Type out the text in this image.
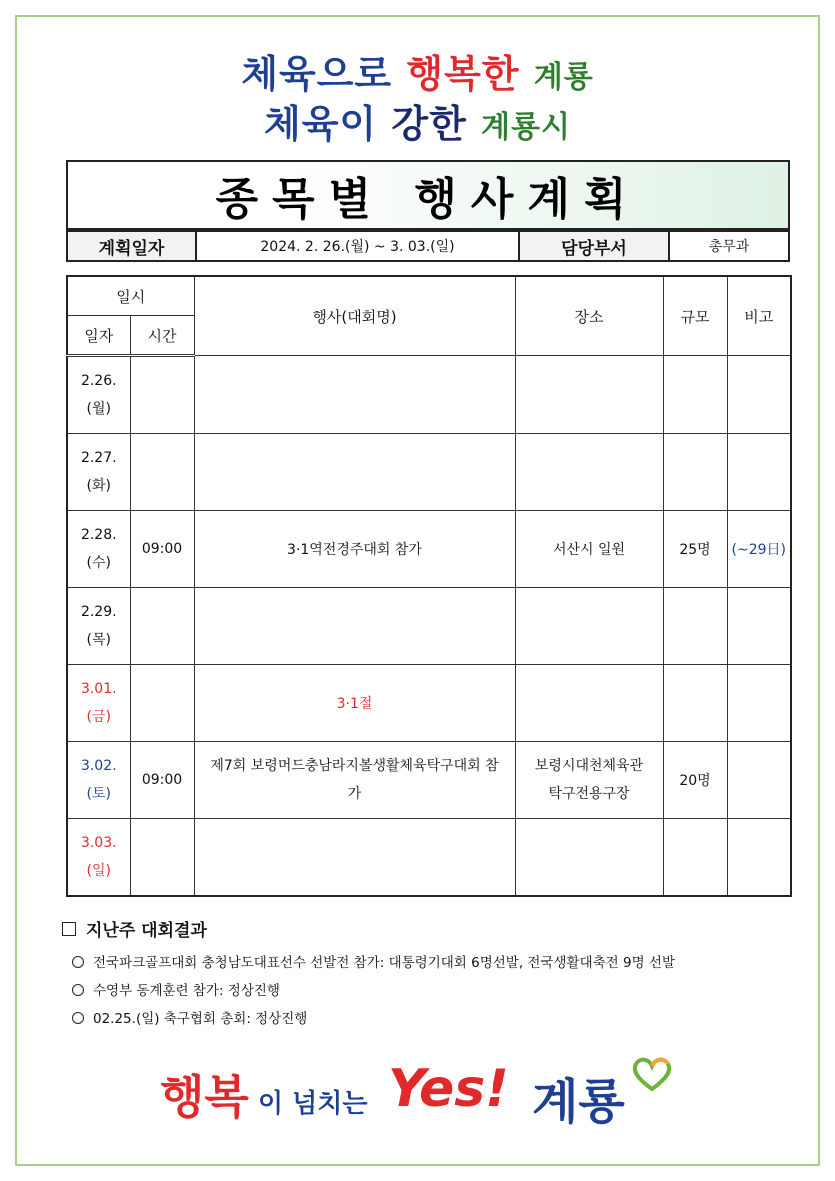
체육으로 행복한 계룡
체육이 강한 계룡시
종목별 행사계획
계획일자	2024. 2. 26.(월) ~ 3. 03.(일)	담당부서	총무과
일시		행사(대회명)	장소	규모	비고
일자	시간				
2.26.
(월)					
2.27.
(화)					
2.28.
(수)	09:00	3·1역전경주대회 참가	서산시 일원	25명	(~29日)
2.29.
(목)					
3.01.
(금)		3·1절			
3.02.
(토)	09:00	제7회 보령머드충남라지볼생활체육탁구대회 참가	보령시대천체육관 탁구전용구장	20명	
3.03.
(일)					
지난주 대회결과
전국파크골프대회 충청남도대표선수 선발전 참가: 대통령기대회 6명선발, 전국생활대축전 9명 선발
수영부 동계훈련 참가: 정상진행
02.25.(일) 축구협회 총회: 정상진행
행복 이 넘치는 Yes! 계룡
